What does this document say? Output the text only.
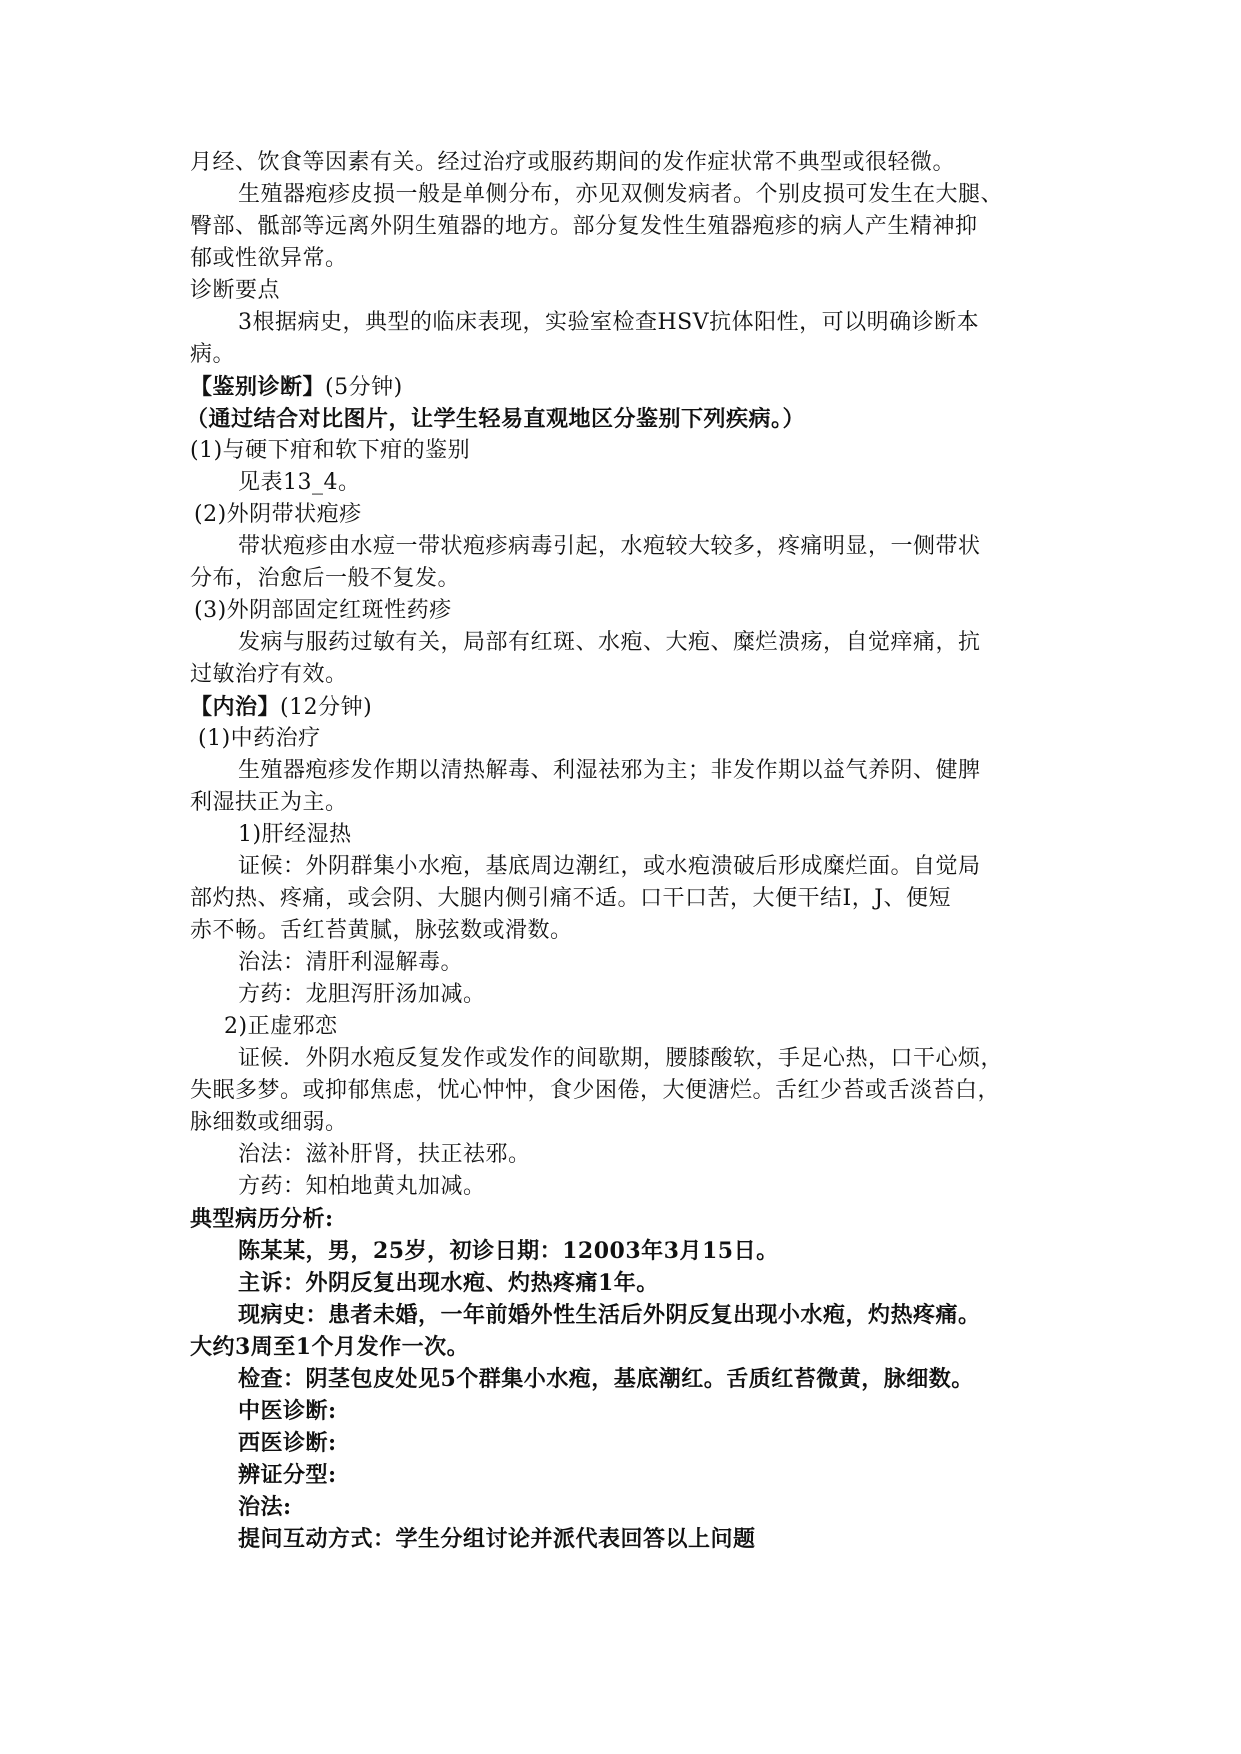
月经、饮食等因素有关。经过治疗或服药期间的发作症状常不典型或很轻微。
生殖器疱疹皮损一般是单侧分布，亦见双侧发病者。个别皮损可发生在大腿、
臀部、骶部等远离外阴生殖器的地方。部分复发性生殖器疱疹的病人产生精神抑
郁或性欲异常。
诊断要点
3根据病史，典型的临床表现，实验室检查HSV抗体阳性，可以明确诊断本
病。
【鉴别诊断】(5分钟)
（通过结合对比图片，让学生轻易直观地区分鉴别下列疾病。）
(1)与硬下疳和软下疳的鉴别
见表13_4。
(2)外阴带状疱疹
带状疱疹由水痘一带状疱疹病毒引起，水疱较大较多，疼痛明显，一侧带状
分布，治愈后一般不复发。
(3)外阴部固定红斑性药疹
发病与服药过敏有关，局部有红斑、水疱、大疱、糜烂溃疡，自觉痒痛，抗
过敏治疗有效。
【内治】(12分钟)
(1)中药治疗
生殖器疱疹发作期以清热解毒、利湿祛邪为主；非发作期以益气养阴、健脾
利湿扶正为主。
1)肝经湿热
证候：外阴群集小水疱，基底周边潮红，或水疱溃破后形成糜烂面。自觉局
部灼热、疼痛，或会阴、大腿内侧引痛不适。口干口苦，大便干结I，J、便短
赤不畅。舌红苔黄腻，脉弦数或滑数。
治法：清肝利湿解毒。
方药：龙胆泻肝汤加减。
2)正虚邪恋
证候．外阴水疱反复发作或发作的间歇期，腰膝酸软，手足心热，口干心烦，
失眠多梦。或抑郁焦虑，忧心忡忡，食少困倦，大便溏烂。舌红少苔或舌淡苔白，
脉细数或细弱。
治法：滋补肝肾，扶正祛邪。
方药：知柏地黄丸加减。
典型病历分析:
陈某某，男，25岁，初诊日期：12003年3月15日。
主诉：外阴反复出现水疱、灼热疼痛1年。
现病史：患者未婚，一年前婚外性生活后外阴反复出现小水疱，灼热疼痛。
大约3周至1个月发作一次。
检查：阴茎包皮处见5个群集小水疱，基底潮红。舌质红苔微黄，脉细数。
中医诊断:
西医诊断:
辨证分型:
治法:
提问互动方式：学生分组讨论并派代表回答以上问题
